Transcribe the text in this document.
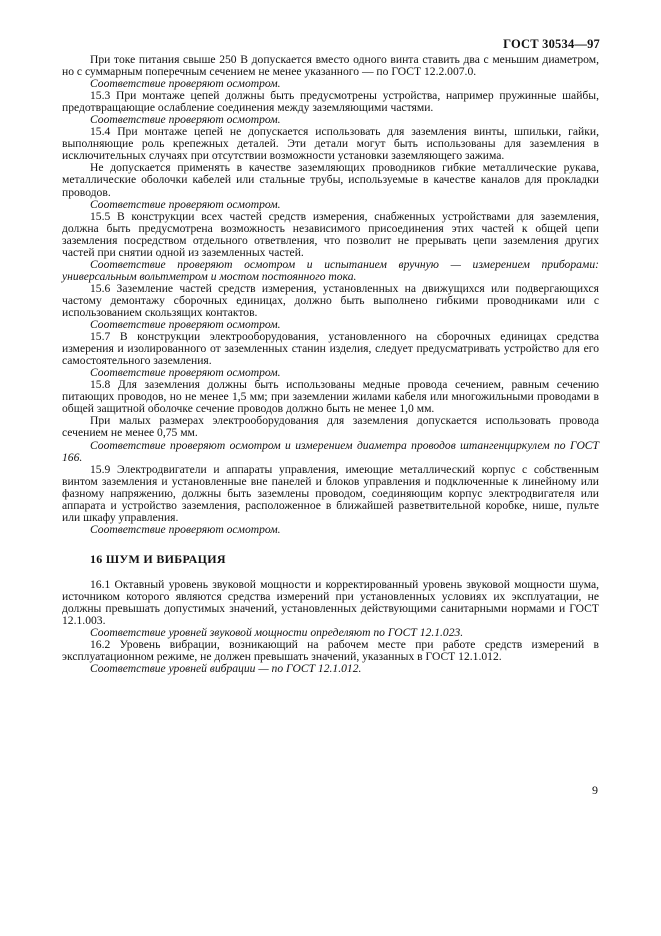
ГОСТ 30534—97

При токе питания свыше 250 В допускается вместо одного винта ставить два с меньшим диаметром, но с суммарным поперечным сечением не менее указанного — по ГОСТ 12.2.007.0.

Соответствие проверяют осмотром.

15.3 При монтаже цепей должны быть предусмотрены устройства, например пружинные шайбы, предотвращающие ослабление соединения между заземляющими частями.

Соответствие проверяют осмотром.

15.4 При монтаже цепей не допускается использовать для заземления винты, шпильки, гайки, выполняющие роль крепежных деталей. Эти детали могут быть использованы для заземления в исключительных случаях при отсутствии возможности установки заземляющего зажима.

Не допускается применять в качестве заземляющих проводников гибкие металлические рукава, металлические оболочки кабелей или стальные трубы, используемые в качестве каналов для прокладки проводов.

Соответствие проверяют осмотром.

15.5 В конструкции всех частей средств измерения, снабженных устройствами для заземления, должна быть предусмотрена возможность независимого присоединения этих частей к общей цепи заземления посредством отдельного ответвления, что позволит не прерывать цепи заземления других частей при снятии одной из заземленных частей.

Соответствие проверяют осмотром и испытанием вручную — измерением приборами: универсальным вольтметром и мостом постоянного тока.

15.6 Заземление частей средств измерения, установленных на движущихся или подвергающихся частому демонтажу сборочных единицах, должно быть выполнено гибкими проводниками или с использованием скользящих контактов.

Соответствие проверяют осмотром.

15.7 В конструкции электрооборудования, установленного на сборочных единицах средства измерения и изолированного от заземленных станин изделия, следует предусматривать устройство для его самостоятельного заземления.

Соответствие проверяют осмотром.

15.8 Для заземления должны быть использованы медные провода сечением, равным сечению питающих проводов, но не менее 1,5 мм; при заземлении жилами кабеля или многожильными проводами в общей защитной оболочке сечение проводов должно быть не менее 1,0 мм.

При малых размерах электрооборудования для заземления допускается использовать провода сечением не менее 0,75 мм.

Соответствие проверяют осмотром и измерением диаметра проводов штангенциркулем по ГОСТ 166.

15.9 Электродвигатели и аппараты управления, имеющие металлический корпус с собственным винтом заземления и установленные вне панелей и блоков управления и подключенные к линейному или фазному напряжению, должны быть заземлены проводом, соединяющим корпус электродвигателя или аппарата и устройство заземления, расположенное в ближайшей разветвительной коробке, нише, пульте или шкафу управления.

Соответствие проверяют осмотром.

16 ШУМ И ВИБРАЦИЯ

16.1 Октавный уровень звуковой мощности и корректированный уровень звуковой мощности шума, источником которого являются средства измерений при установленных условиях их эксплуатации, не должны превышать допустимых значений, установленных действующими санитарными нормами и ГОСТ 12.1.003.

Соответствие уровней звуковой мощности определяют по ГОСТ 12.1.023.

16.2 Уровень вибрации, возникающий на рабочем месте при работе средств измерений в эксплуатационном режиме, не должен превышать значений, указанных в ГОСТ 12.1.012.

Соответствие уровней вибрации — по ГОСТ 12.1.012.

9
